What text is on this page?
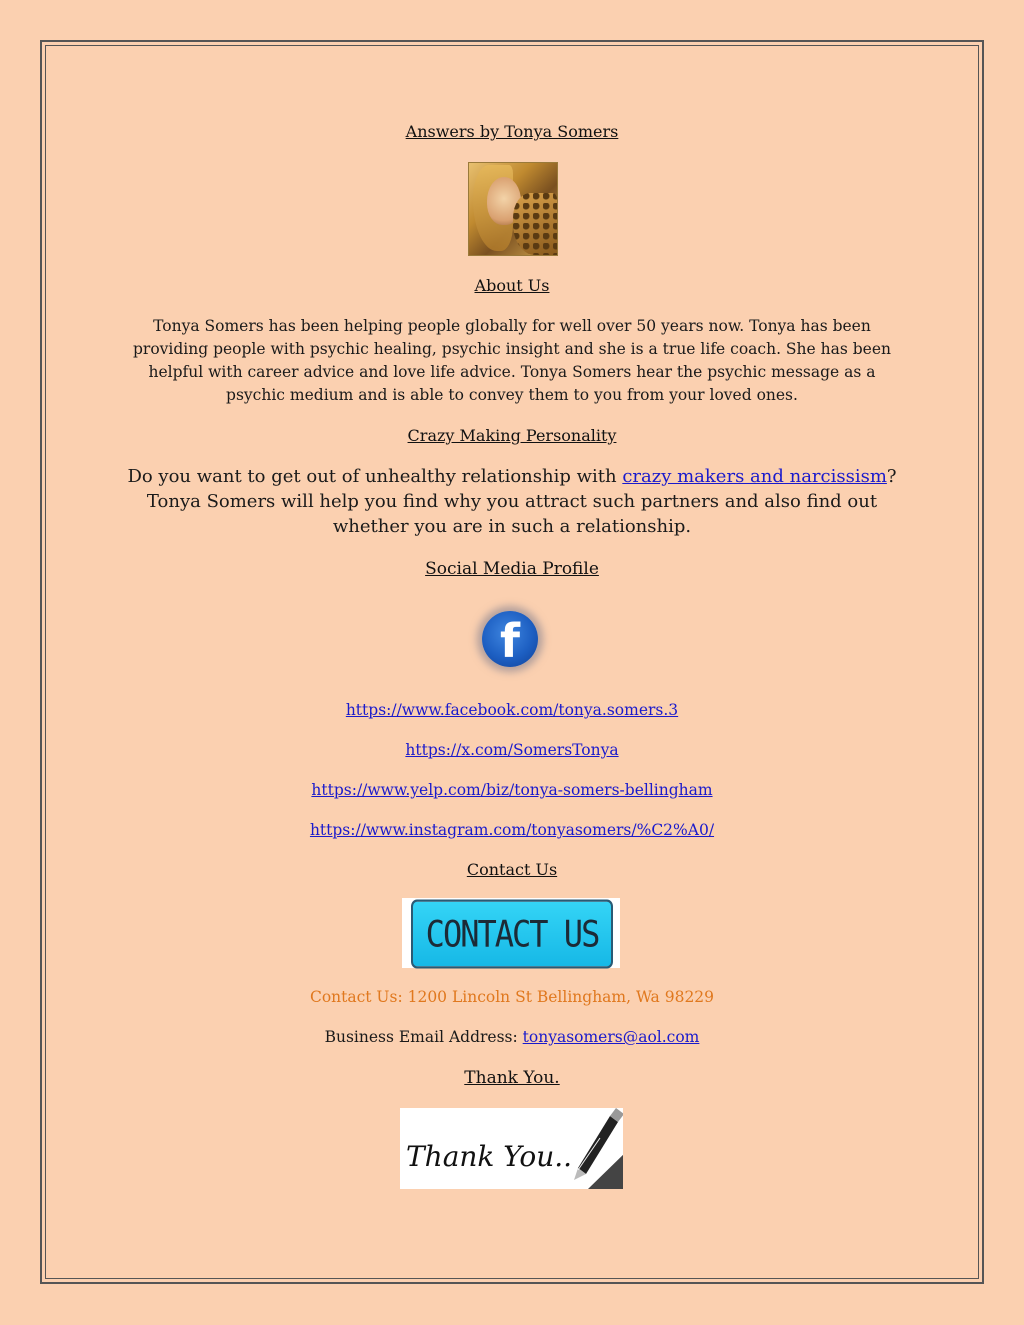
Answers by Tonya Somers
About Us
Tonya Somers has been helping people globally for well over 50 years now. Tonya has been providing people with psychic healing, psychic insight and she is a true life coach. She has been helpful with career advice and love life advice. Tonya Somers hear the psychic message as a psychic medium and is able to convey them to you from your loved ones.
Crazy Making Personality
Do you want to get out of unhealthy relationship with crazy makers and narcissism? Tonya Somers will help you find why you attract such partners and also find out whether you are in such a relationship.
Social Media Profile
f
https://www.facebook.com/tonya.somers.3
https://x.com/SomersTonya
https://www.yelp.com/biz/tonya-somers-bellingham
https://www.instagram.com/tonyasomers/%C2%A0/
Contact Us
CONTACT US
Contact Us: 1200 Lincoln St Bellingham, Wa 98229
Business Email Address: tonyasomers@aol.com
Thank You.
Thank You..
